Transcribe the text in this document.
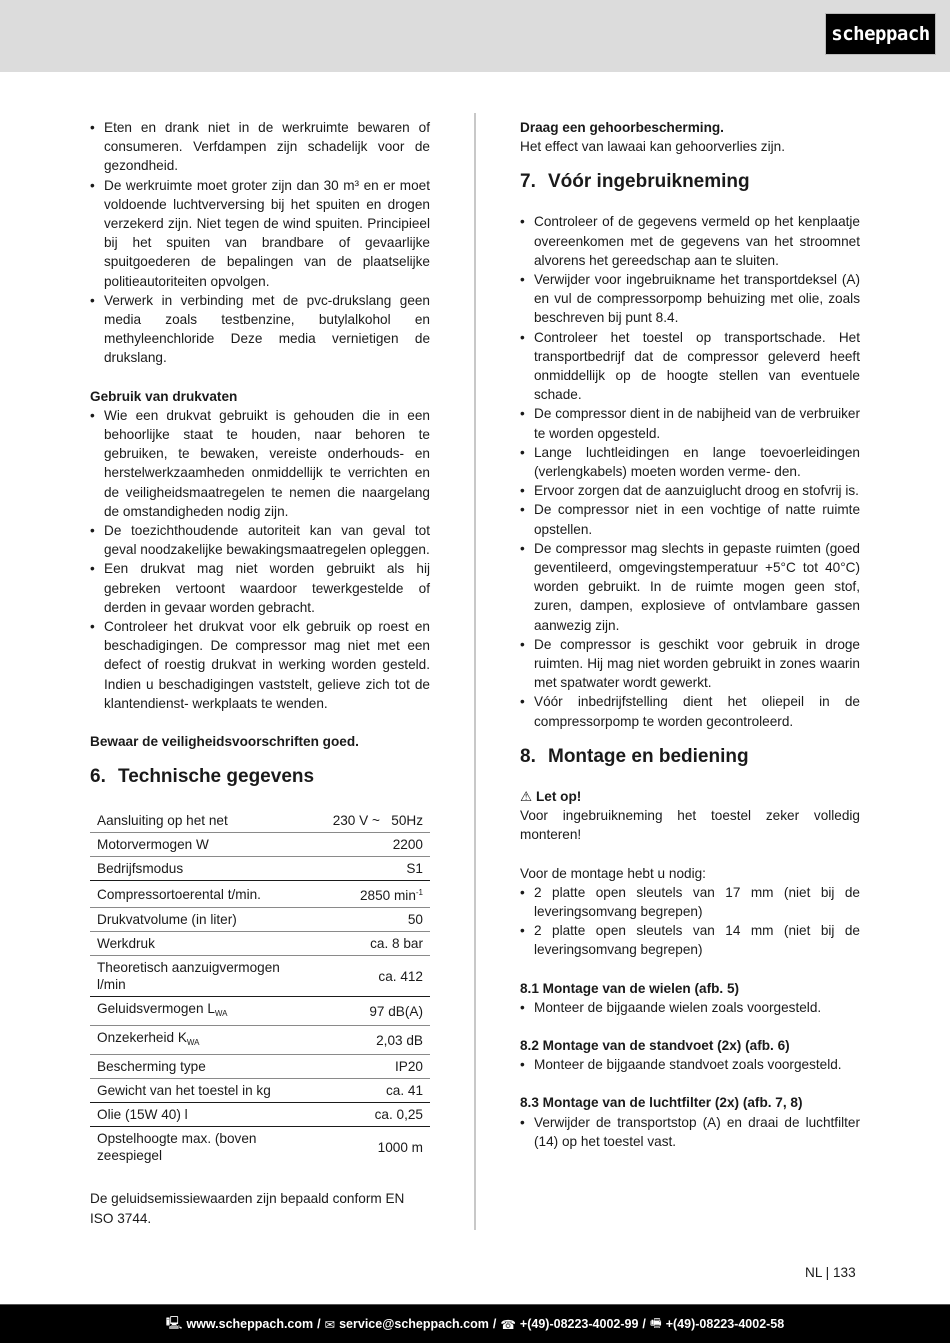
scheppach
• Eten en drank niet in de werkruimte bewaren of consumeren. Verfdampen zijn schadelijk voor de gezondheid.
• De werkruimte moet groter zijn dan 30 m³ en er moet voldoende luchtverversing bij het spuiten en drogen verzekerd zijn. Niet tegen de wind spuiten. Principieel bij het spuiten van brandbare of gevaarlijke spuitgoederen de bepalingen van de plaatselijke politieautoriteiten opvolgen.
• Verwerk in verbinding met de pvc-drukslang geen media zoals testbenzine, butylalkohol en methyleenchloride Deze media vernietigen de drukslang.

Gebruik van drukvaten

• Wie een drukvat gebruikt is gehouden die in een behoorlijke staat te houden, naar behoren te gebruiken, te bewaken, vereiste onderhouds- en herstelwerkzaamheden onmiddellijk te verrichten en de veiligheidsmaatregelen te nemen die naargelang de omstandigheden nodig zijn.
• De toezichthoudende autoriteit kan van geval tot geval noodzakelijke bewakingsmaatregelen opleggen.
• Een drukvat mag niet worden gebruikt als hij gebreken vertoont waardoor tewerkgestelde of derden in gevaar worden gebracht.
• Controleer het drukvat voor elk gebruik op roest en beschadigingen. De compressor mag niet met een defect of roestig drukvat in werking worden gesteld. Indien u beschadigingen vaststelt, gelieve zich tot de klantendienst- werkplaats te wenden.

Bewaar de veiligheidsvoorschriften goed.

6. Technische gegevens
Aansluiting op het net	230 V ~   50Hz
Motorvermogen W	2200
Bedrijfsmodus	S1
Compressortoerental t/min.	2850 $\min^{-1}$
Drukvatvolume (in liter)	50
Werkdruk	ca. 8 bar
Theoretisch aanzuigvermogen l/min	ca. 412
Geluidsvermogen $L_{WA}$	97 dB(A)
Onzekerheid $K_{WA}$	2,03 dB
Bescherming type	IP20
Gewicht van het toestel in kg	ca. 41
Olie (15W 40) l	ca. 0,25
Opstelhoogte max. (boven zeespiegel	1000 m

De geluidsemissiewaarden zijn bepaald conform EN ISO 3744.

Draag een gehoorbescherming.

Het effect van lawaai kan gehoorverlies zijn.

7. Vóór ingebruikneming
• Controleer of de gegevens vermeld op het kenplaatje overeenkomen met de gegevens van het stroomnet alvorens het gereedschap aan te sluiten.
• Verwijder voor ingebruikname het transportdeksel (A) en vul de compressorpomp behuizing met olie, zoals beschreven bij punt 8.4.
• Controleer het toestel op transportschade. Het transportbedrijf dat de compressor geleverd heeft onmiddellijk op de hoogte stellen van eventuele schade.
• De compressor dient in de nabijheid van de verbruiker te worden opgesteld.
• Lange luchtleidingen en lange toevoerleidingen (verlengkabels) moeten worden verme- den.
• Ervoor zorgen dat de aanzuiglucht droog en stofvrij is.
• De compressor niet in een vochtige of natte ruimte opstellen.
• De compressor mag slechts in gepaste ruimten (goed geventileerd, omgevingstemperatuur +5°C tot 40°C) worden gebruikt. In de ruimte mogen geen stof, zuren, dampen, explosieve of ontvlambare gassen aanwezig zijn.
• De compressor is geschikt voor gebruik in droge ruimten. Hij mag niet worden gebruikt in zones waarin met spatwater wordt gewerkt.
• Vóór inbedrijfstelling dient het oliepeil in de compressorpomp te worden gecontroleerd.
8. Montage en bediening

⚠ Let op!

Voor ingebruikneming het toestel zeker volledig monteren!

Voor de montage hebt u nodig:

• 2 platte open sleutels van 17 mm (niet bij de leveringsomvang begrepen)
• 2 platte open sleutels van 14 mm (niet bij de leveringsomvang begrepen)

8.1 Montage van de wielen (afb. 5)

• Monteer de bijgaande wielen zoals voorgesteld.

8.2 Montage van de standvoet (2x) (afb. 6)

• Monteer de bijgaande standvoet zoals voorgesteld.

8.3 Montage van de luchtfilter (2x) (afb. 7, 8)

• Verwijder de transportstop (A) en draai de luchtfilter (14) op het toestel vast.
NL | 133
🖳 www.scheppach.com / ✉ service@scheppach.com / ☎ +(49)-08223-4002-99 / 🖷 +(49)-08223-4002-58
